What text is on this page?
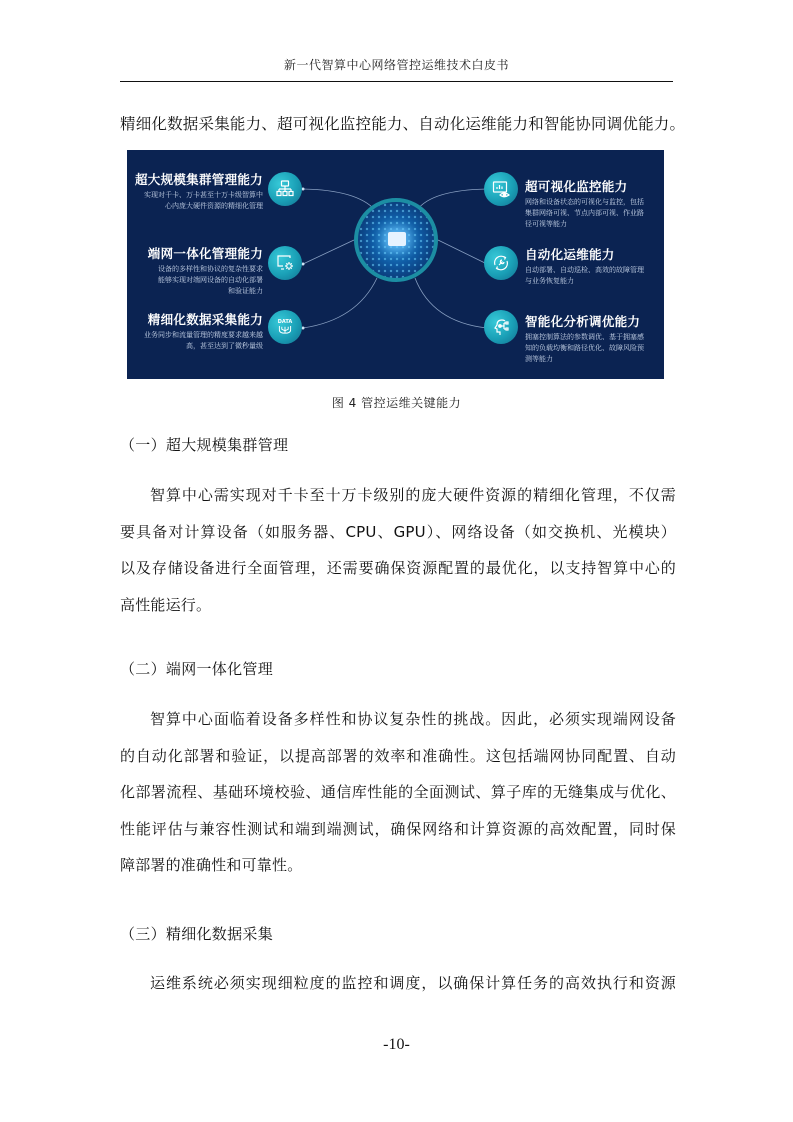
新一代智算中心网络管控运维技术白皮书
精细化数据采集能力、超可视化监控能力、自动化运维能力和智能协同调优能力。
超大规模集群管理能力
实现对千卡、万卡甚至十万卡级智算中
心内庞大硬件资源的精细化管理
端网一体化管理能力
设备的多样性和协议的复杂性要求
能够实现对端网设备的自动化部署
和验证能力
精细化数据采集能力
业务同步和流量管理的精度要求越来越
高，甚至达到了微秒量级
DATA
超可视化监控能力
网络和设备状态的可视化与监控，包括
集群网络可视、节点内部可视、作业路
径可视等能力
自动化运维能力
自动部署、自动巡检、高效的故障管理
与业务恢复能力
智能化分析调优能力
拥塞控制算法的参数调优、基于拥塞感
知的负载均衡和路径优化、故障风险预
测等能力
图 4 管控运维关键能力
（一）超大规模集群管理
智算中心需实现对千卡至十万卡级别的庞大硬件资源的精细化管理，不仅需
要具备对计算设备（如服务器、CPU、GPU）、网络设备（如交换机、光模块）
以及存储设备进行全面管理，还需要确保资源配置的最优化，以支持智算中心的
高性能运行。
（二）端网一体化管理
智算中心面临着设备多样性和协议复杂性的挑战。因此，必须实现端网设备
的自动化部署和验证，以提高部署的效率和准确性。这包括端网协同配置、自动
化部署流程、基础环境校验、通信库性能的全面测试、算子库的无缝集成与优化、
性能评估与兼容性测试和端到端测试，确保网络和计算资源的高效配置，同时保
障部署的准确性和可靠性。
（三）精细化数据采集
运维系统必须实现细粒度的监控和调度，以确保计算任务的高效执行和资源
-10-
